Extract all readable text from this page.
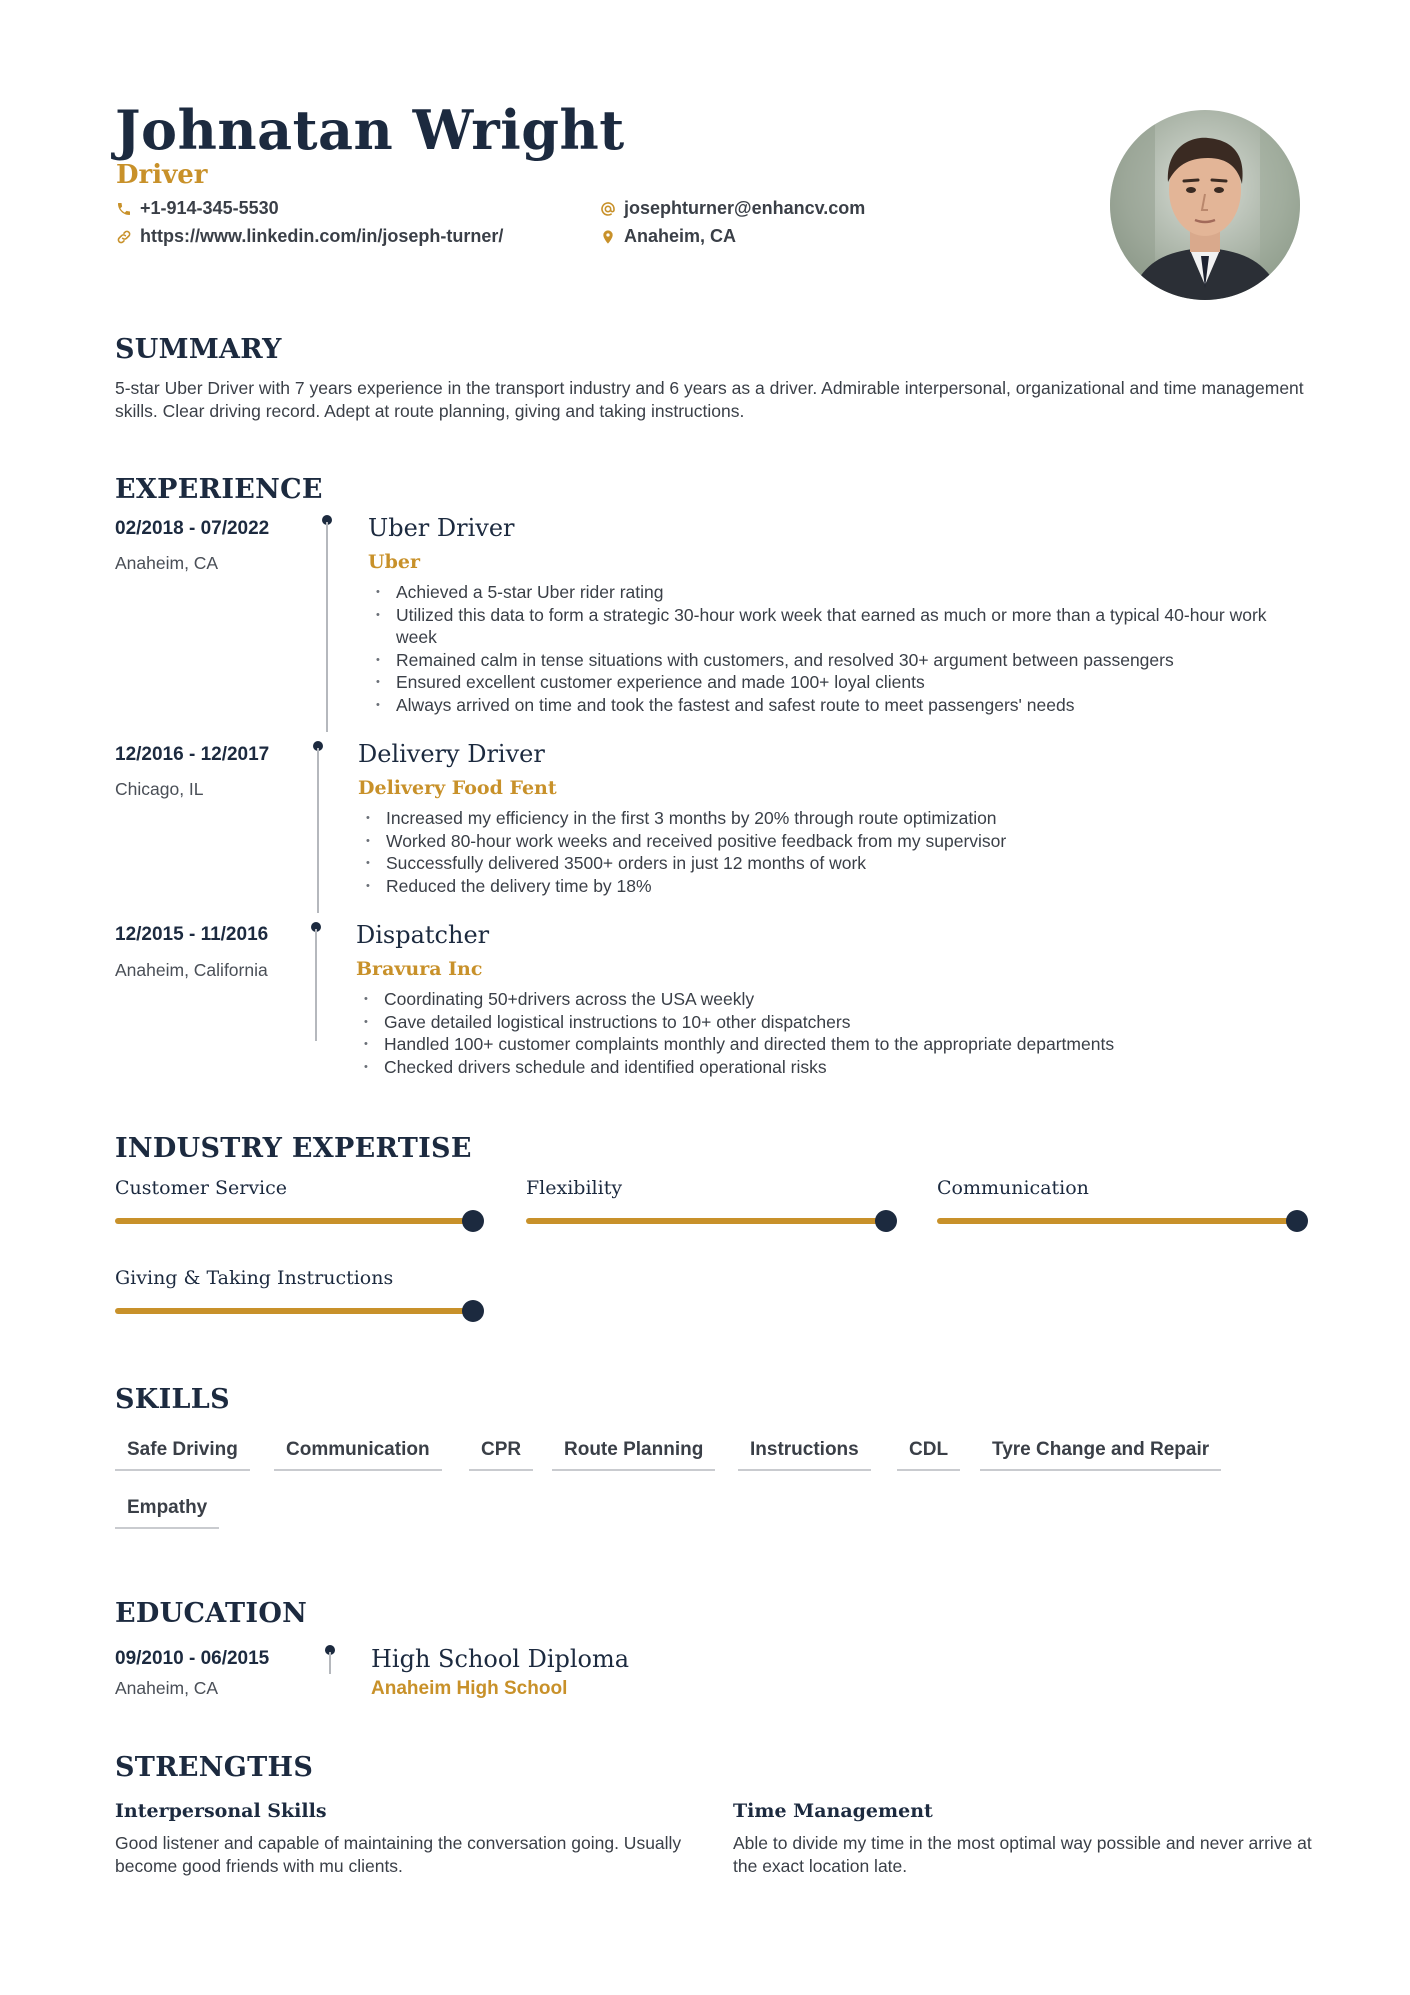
Johnatan Wright
Driver
+1-914-345-5530	josephturner@enhancv.com
https://www.linkedin.com/in/joseph-turner/	Anaheim, CA
SUMMARY
5-star Uber Driver with 7 years experience in the transport industry and 6 years as a driver. Admirable interpersonal, organizational and time management skills. Clear driving record. Adept at route planning, giving and taking instructions.
EXPERIENCE
02/2018 - 07/2022
Anaheim, CA
Uber Driver
Uber
• Achieved a 5-star Uber rider rating
• Utilized this data to form a strategic 30-hour work week that earned as much or more than a typical 40-hour work week
• Remained calm in tense situations with customers, and resolved 30+ argument between passengers
• Ensured excellent customer experience and made 100+ loyal clients
• Always arrived on time and took the fastest and safest route to meet passengers' needs
12/2016 - 12/2017
Chicago, IL
Delivery Driver
Delivery Food Fent
• Increased my efficiency in the first 3 months by 20% through route optimization
• Worked 80-hour work weeks and received positive feedback from my supervisor
• Successfully delivered 3500+ orders in just 12 months of work
• Reduced the delivery time by 18%
12/2015 - 11/2016
Anaheim, California
Dispatcher
Bravura Inc
• Coordinating 50+drivers across the USA weekly
• Gave detailed logistical instructions to 10+ other dispatchers
• Handled 100+ customer complaints monthly and directed them to the appropriate departments
• Checked drivers schedule and identified operational risks
INDUSTRY EXPERTISE
Customer Service	Flexibility	Communication
Giving & Taking Instructions
SKILLS
Safe Driving	Communication	CPR	Route Planning	Instructions	CDL	Tyre Change and Repair
Empathy
EDUCATION
09/2010 - 06/2015
Anaheim, CA
High School Diploma
Anaheim High School
STRENGTHS
Interpersonal Skills
Good listener and capable of maintaining the conversation going. Usually become good friends with mu clients.
Time Management
Able to divide my time in the most optimal way possible and never arrive at the exact location late.
